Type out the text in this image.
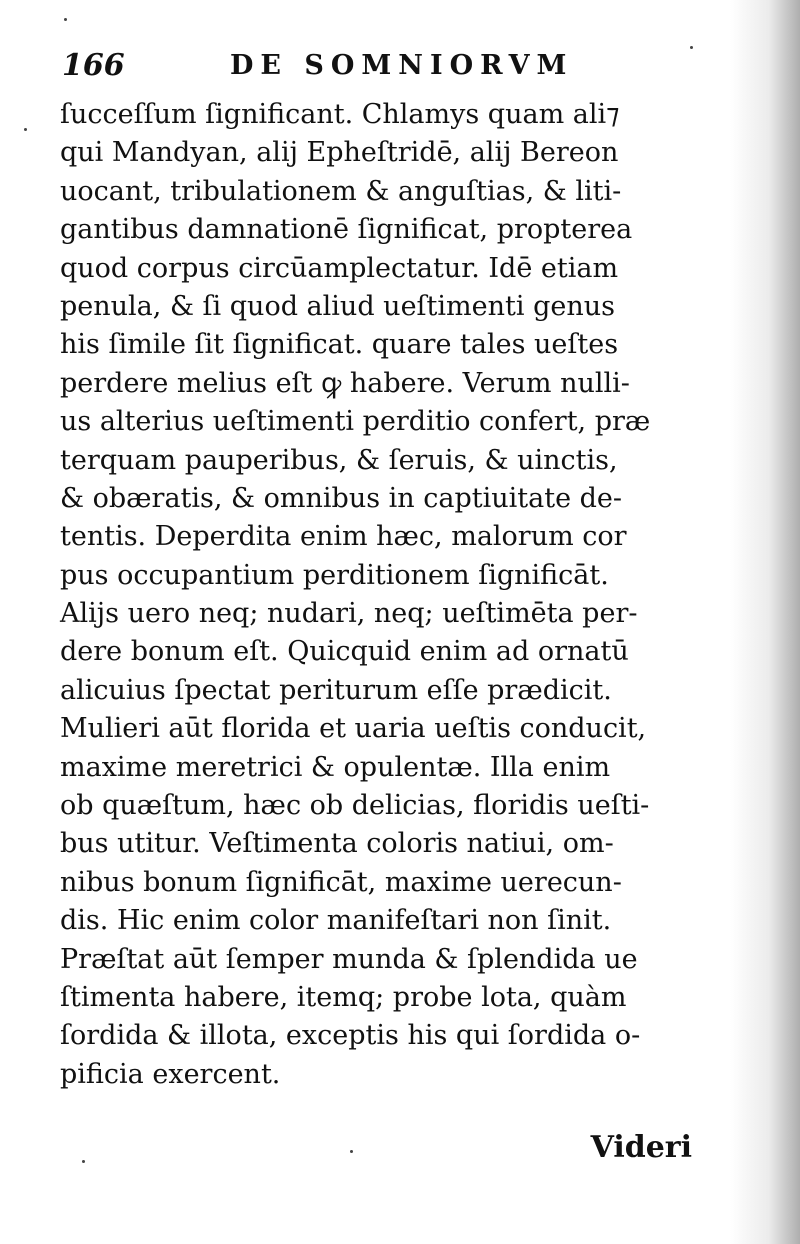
166	DE SOMNIORVM
ſucceſſum ſignificant. Chlamys quam ali⁊
qui Mandyan, alij Epheſtridē, alij Bereon
uocant, tribulationem & anguſtias, & liti-
gantibus damnationē ſignificat, propterea
quod corpus circūamplectatur. Idē etiam
penula, & ſi quod aliud ueſtimenti genus
his ſimile ſit ſignificat. quare tales ueſtes
perdere melius eſt ꝙ habere. Verum nulli-
us alterius ueſtimenti perditio confert, præ
terquam pauperibus, & ſeruis, & uinctis,
& obæratis, & omnibus in captiuitate de-
tentis. Deperdita enim hæc, malorum cor
pus occupantium perditionem ſignificāt.
Alijs uero neq; nudari, neq; ueſtimēta per-
dere bonum eſt. Quicquid enim ad ornatū
alicuius ſpectat periturum eſſe prædicit.
Mulieri aūt florida et uaria ueſtis conducit,
maxime meretrici & opulentæ. Illa enim
ob quæſtum, hæc ob delicias, floridis ueſti-
bus utitur. Veſtimenta coloris natiui, om-
nibus bonum ſignificāt, maxime uerecun-
dis. Hic enim color manifeſtari non ſinit.
Præſtat aūt ſemper munda & ſplendida ue
ſtimenta habere, itemq; probe lota, quàm
ſordida & illota, exceptis his qui ſordida o-
pificia exercent.
Videri
